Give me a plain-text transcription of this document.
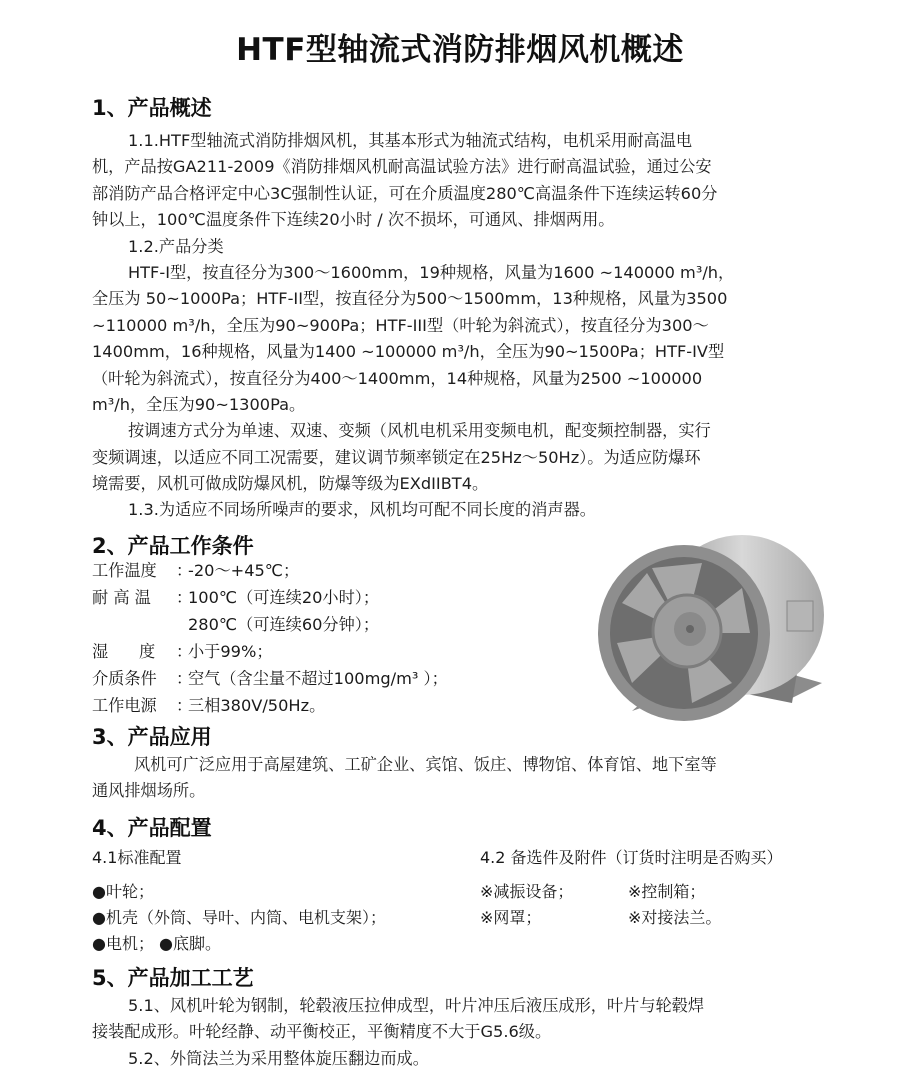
HTF型轴流式消防排烟风机概述
1、产品概述
1.1.HTF型轴流式消防排烟风机，其基本形式为轴流式结构，电机采用耐高温电
机，产品按GA211-2009《消防排烟风机耐高温试验方法》进行耐高温试验，通过公安
部消防产品合格评定中心3C强制性认证，可在介质温度280℃高温条件下连续运转60分
钟以上，100℃温度条件下连续20小时 / 次不损坏，可通风、排烟两用。
1.2.产品分类
HTF-I型，按直径分为300～1600mm，19种规格，风量为1600 ~140000 m³/h，
全压为 50~1000Pa；HTF-II型，按直径分为500～1500mm，13种规格，风量为3500
~110000 m³/h，全压为90~900Pa；HTF-III型（叶轮为斜流式），按直径分为300～
1400mm，16种规格，风量为1400 ~100000 m³/h，全压为90~1500Pa；HTF-IV型
（叶轮为斜流式），按直径分为400～1400mm，14种规格，风量为2500 ~100000
m³/h，全压为90~1300Pa。
按调速方式分为单速、双速、变频（风机电机采用变频电机，配变频控制器，实行
变频调速，以适应不同工况需要，建议调节频率锁定在25Hz～50Hz）。为适应防爆环
境需要，风机可做成防爆风机，防爆等级为EXdIIBT4。
1.3.为适应不同场所噪声的要求，风机均可配不同长度的消声器。
2、产品工作条件
工作温度 ：-20～+45℃；
耐 高 温 ：100℃（可连续20小时）；
280℃（可连续60分钟）；
湿      度 ：小于99%；
介质条件 ：空气（含尘量不超过100mg/m³ ）；
工作电源 ：三相380V/50Hz。
3、产品应用
风机可广泛应用于高屋建筑、工矿企业、宾馆、饭庄、博物馆、体育馆、地下室等
通风排烟场所。
4、产品配置
4.1标准配置
●叶轮；
●机壳（外筒、导叶、内筒、电机支架）；
●电机； ●底脚。
4.2 备选件及附件（订货时注明是否购买）
※减振设备；
※网罩；
※控制箱；
※对接法兰。
5、产品加工工艺
5.1、风机叶轮为钢制，轮毂液压拉伸成型，叶片冲压后液压成形，叶片与轮毂焊
接装配成形。叶轮经静、动平衡校正，平衡精度不大于G5.6级。
5.2、外筒法兰为采用整体旋压翻边而成。
